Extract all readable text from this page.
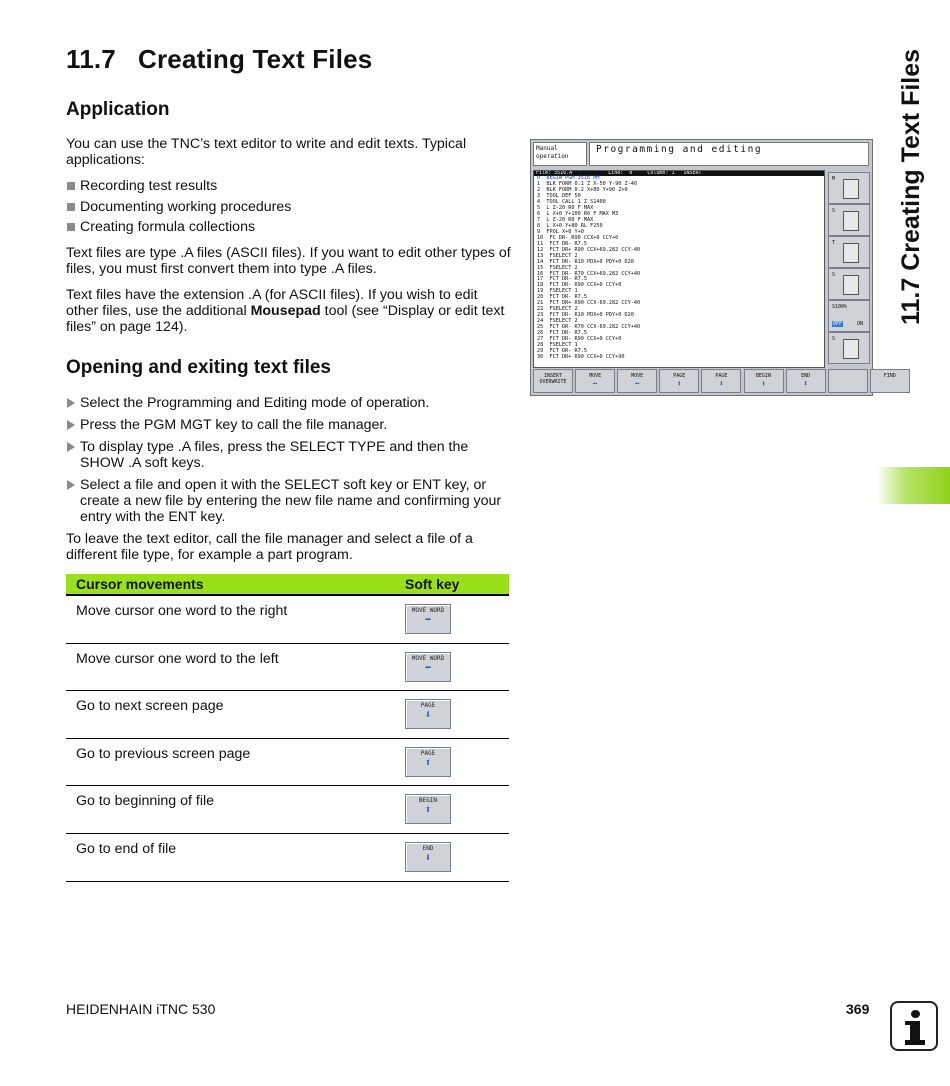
11.7 Creating Text Files
Application

You can use the TNC’s text editor to write and edit texts. Typical applications:

Recording test results
Documenting working procedures
Creating formula collections

Text files are type .A files (ASCII files). If you want to edit other types of files, you must first convert them into type .A files.

Text files have the extension .A (for ASCII files). If you wish to edit other files, use the additional Mousepad tool (see “Display or edit text files” on page 124).

Opening and exiting text files
Select the Programming and Editing mode of operation.
Press the PGM MGT key to call the file manager.
To display type .A files, press the SELECT TYPE and then the SHOW .A soft keys.
Select a file and open it with the SELECT soft key or ENT key, or create a new file by entering the new file name and confirming your entry with the ENT key.

To leave the text editor, call the file manager and select a file of a different file type, for example a part program.

Cursor movements	Soft key
Move cursor one word to the right	MOVE WORD
➡
Move cursor one word to the left	MOVE WORD
⬅
Go to next screen page	PAGE
⬇
Go to previous screen page	PAGE
⬆
Go to beginning of file	BEGIN
⬆
Go to end of file	END
⬇
Manual operation
Programming and editing
File: 3516.A            Line:  0     Column: 1   INSERT
0  BEGIN PGM 3516 MM
1  BLK FORM 0.1 Z X-50 Y-90 Z-40
2  BLK FORM 0.2 X+80 Y+90 Z+0
3  TOOL DEF 50
4  TOOL CALL 1 Z S1400
5  L Z-20 R0 F MAX
6  L X+0 Y+100 R0 F MAX M3
7  L Z-20 R0 F MAX
8  L X+0 Y+80 RL F250
9  FPOL X+0 Y+0
10  FC DR- R90 CCX+0 CCY+0
11  FCT DR- R7.5
12  FCT DR+ R90 CCX+69.282 CCY-40
13  FSELECT 2
14  FCT DR- R10 PDX+0 PDY+0 D20
15  FSELECT 2
16  FCT DR- R70 CCX+69.282 CCY+40
17  FCT DR- R7.5
18  FCT DR- R90 CCX+0 CCY+0
19  FSELECT 1
20  FCT DR- R7.5
21  FCT DR+ R90 CCX-69.282 CCY-40
22  FSELECT 2
23  FCT DR- R10 PDX+0 PDY+0 D20
24  FSELECT 2
25  FCT DR- R70 CCX-69.282 CCY+40
26  FCT DR- R7.5
27  FCT DR- R90 CCX+0 CCY+0
28  FSELECT 1
29  FCT DR- R7.5
30  FCT DR+ R90 CCX+0 CCY+90
M
S
T
S
S100%
OFF	ON
S
INSERT
OVERWRITE
MOVE
➡
MOVE
⬅
PAGE
⬆
PAGE
⬇
BEGIN
⬆
END
⬇
FIND
11.7 Creating Text Files
HEIDENHAIN iTNC 530	369
